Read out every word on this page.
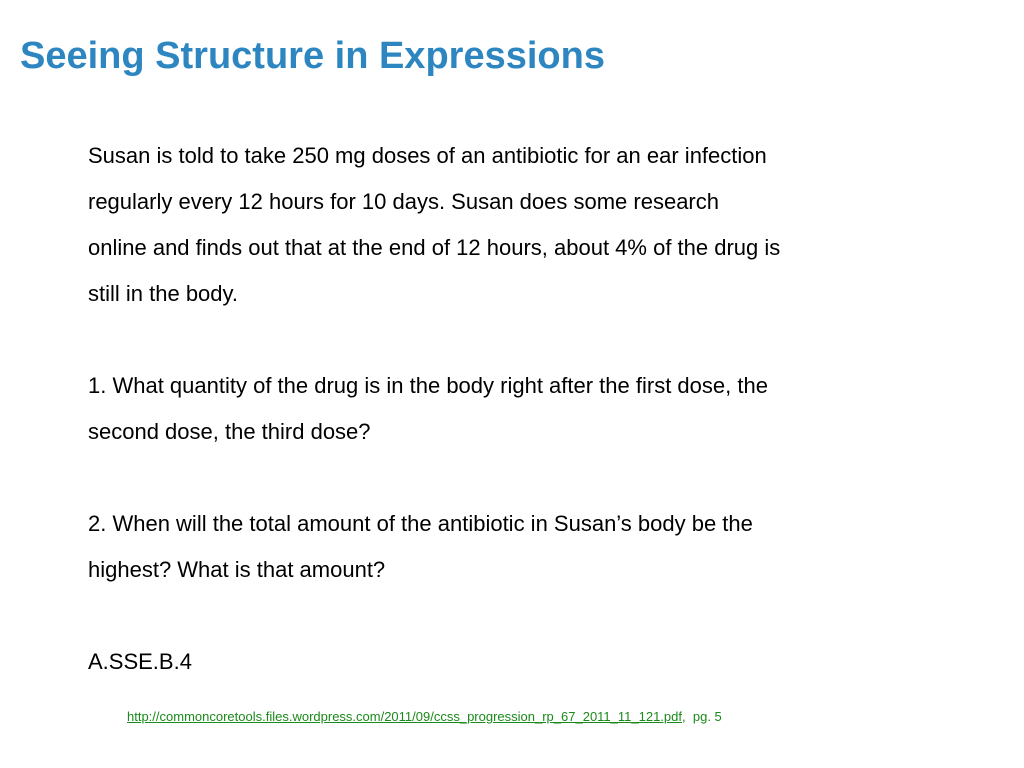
Seeing Structure in Expressions

Susan is told to take 250 mg doses of an antibiotic for an ear infection

regularly every 12 hours for 10 days. Susan does some research

online and finds out that at the end of 12 hours, about 4% of the drug is

still in the body.

1. What quantity of the drug is in the body right after the first dose, the

second dose, the third dose?

2. When will the total amount of the antibiotic in Susan’s body be the

highest? What is that amount?

A.SSE.B.4

http://commoncoretools.files.wordpress.com/2011/09/ccss_progression_rp_67_2011_11_121.pdf, pg. 5
